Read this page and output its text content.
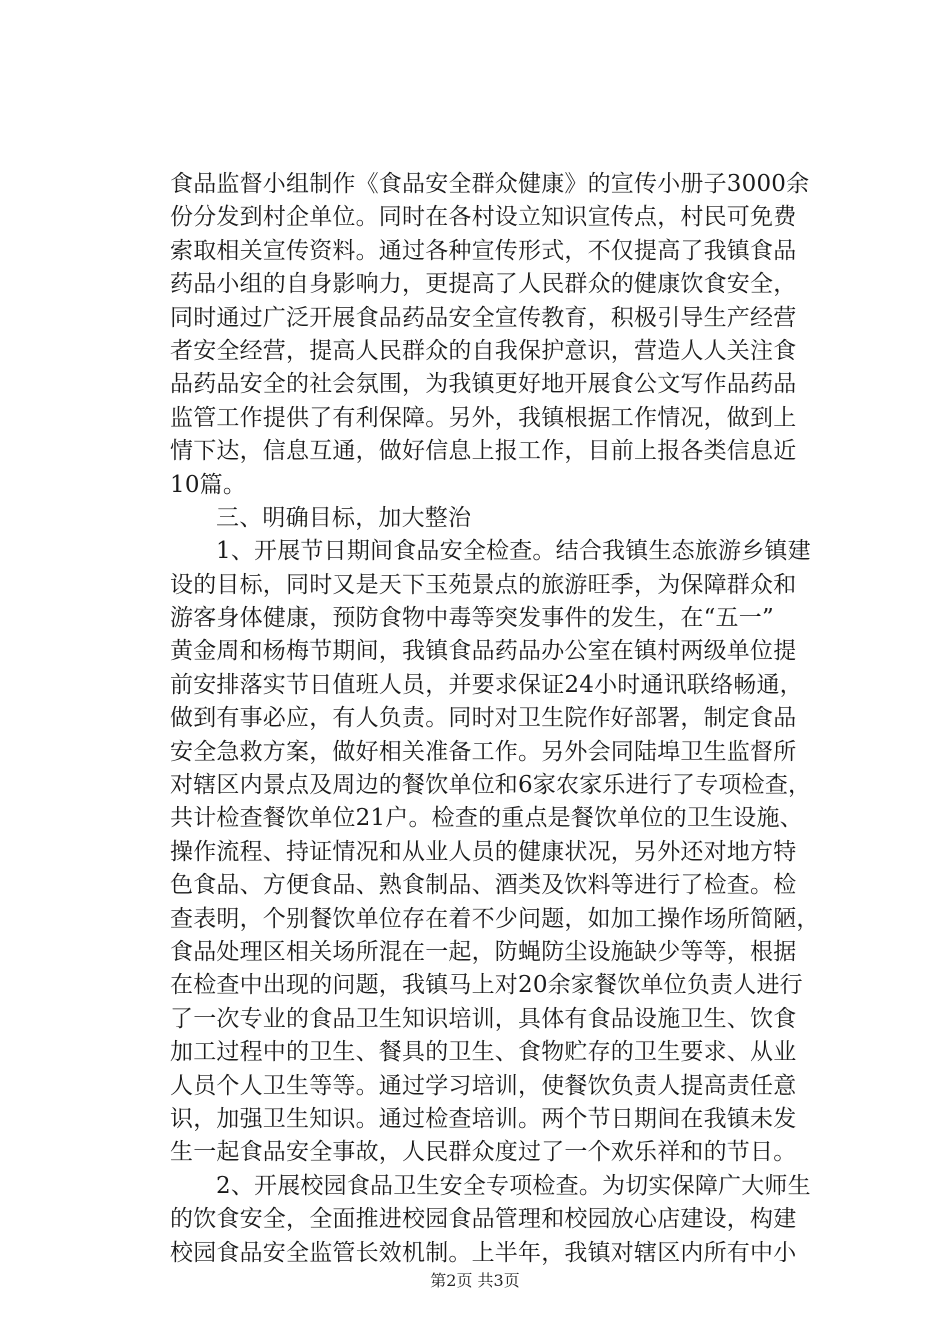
食品监督小组制作《食品安全群众健康》的宣传小册子3000余
份分发到村企单位。同时在各村设立知识宣传点，村民可免费
索取相关宣传资料。通过各种宣传形式，不仅提高了我镇食品
药品小组的自身影响力，更提高了人民群众的健康饮食安全，
同时通过广泛开展食品药品安全宣传教育，积极引导生产经营
者安全经营，提高人民群众的自我保护意识，营造人人关注食
品药品安全的社会氛围，为我镇更好地开展食公文写作品药品
监管工作提供了有利保障。另外，我镇根据工作情况，做到上
情下达，信息互通，做好信息上报工作，目前上报各类信息近
10篇。
三、明确目标，加大整治
1、开展节日期间食品安全检查。结合我镇生态旅游乡镇建
设的目标，同时又是天下玉苑景点的旅游旺季，为保障群众和
游客身体健康，预防食物中毒等突发事件的发生，在“五一”
黄金周和杨梅节期间，我镇食品药品办公室在镇村两级单位提
前安排落实节日值班人员，并要求保证24小时通讯联络畅通，
做到有事必应，有人负责。同时对卫生院作好部署，制定食品
安全急救方案，做好相关准备工作。另外会同陆埠卫生监督所
对辖区内景点及周边的餐饮单位和6家农家乐进行了专项检查，
共计检查餐饮单位21户。检查的重点是餐饮单位的卫生设施、
操作流程、持证情况和从业人员的健康状况，另外还对地方特
色食品、方便食品、熟食制品、酒类及饮料等进行了检查。检
查表明，个别餐饮单位存在着不少问题，如加工操作场所简陋，
食品处理区相关场所混在一起，防蝇防尘设施缺少等等，根据
在检查中出现的问题，我镇马上对20余家餐饮单位负责人进行
了一次专业的食品卫生知识培训，具体有食品设施卫生、饮食
加工过程中的卫生、餐具的卫生、食物贮存的卫生要求、从业
人员个人卫生等等。通过学习培训，使餐饮负责人提高责任意
识，加强卫生知识。通过检查培训。两个节日期间在我镇未发
生一起食品安全事故，人民群众度过了一个欢乐祥和的节日。
2、开展校园食品卫生安全专项检查。为切实保障广大师生
的饮食安全，全面推进校园食品管理和校园放心店建设，构建
校园食品安全监管长效机制。上半年，我镇对辖区内所有中小
第2页 共3页
